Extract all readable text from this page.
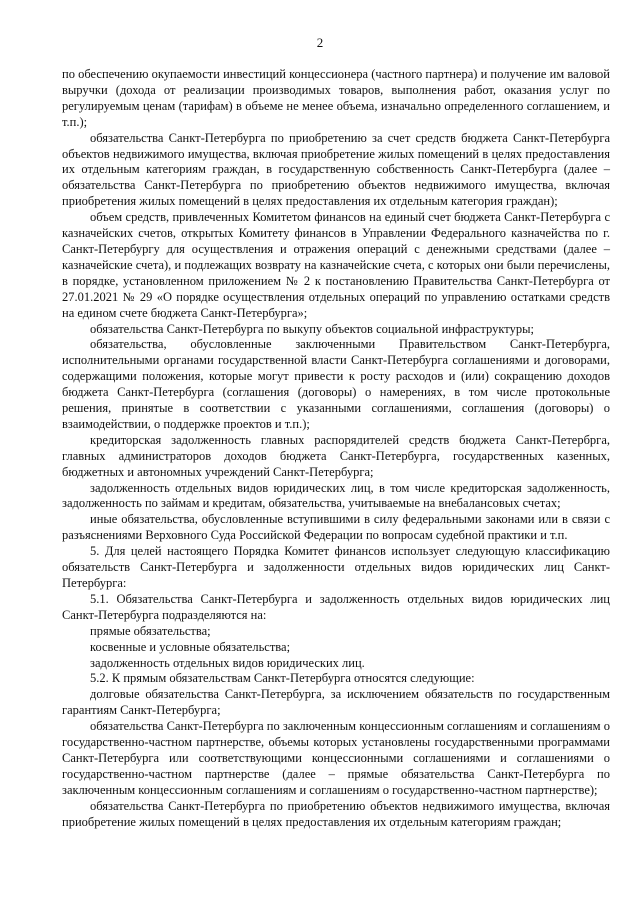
2

по обеспечению окупаемости инвестиций концессионера (частного партнера) и получение им валовой выручки (дохода от реализации производимых товаров, выполнения работ, оказания услуг по регулируемым ценам (тарифам) в объеме не менее объема, изначально определенного соглашением, и т.п.);

обязательства Санкт-Петербурга по приобретению за счет средств бюджета Санкт-Петербурга объектов недвижимого имущества, включая приобретение жилых помещений в целях предоставления их отдельным категориям граждан, в государственную собственность Санкт-Петербурга (далее – обязательства Санкт-Петербурга по приобретению объектов недвижимого имущества, включая приобретения жилых помещений в целях предоставления их отдельным категория граждан);

объем средств, привлеченных Комитетом финансов на единый счет бюджета Санкт-Петербурга с казначейских счетов, открытых Комитету финансов в Управлении Федерального казначейства по г. Санкт-Петербургу для осуществления и отражения операций с денежными средствами (далее – казначейские счета), и подлежащих возврату на казначейские счета, с которых они были перечислены, в порядке, установленном приложением № 2 к постановлению Правительства Санкт-Петербурга от 27.01.2021 № 29 «О порядке осуществления отдельных операций по управлению остатками средств на едином счете бюджета Санкт-Петербурга»;

обязательства Санкт-Петербурга по выкупу объектов социальной инфраструктуры;

обязательства, обусловленные заключенными Правительством Санкт-Петербурга, исполнительными органами государственной власти Санкт-Петербурга соглашениями и договорами, содержащими положения, которые могут привести к росту расходов и (или) сокращению доходов бюджета Санкт-Петербурга (соглашения (договоры) о намерениях, в том числе протокольные решения, принятые в соответствии с указанными соглашениями, соглашения (договоры) о взаимодействии, о поддержке проектов и т.п.);

кредиторская задолженность главных распорядителей средств бюджета Санкт-Петербрга, главных администраторов доходов бюджета Санкт-Петербурга, государственных казенных, бюджетных и автономных учреждений Санкт-Петербурга;

задолженность отдельных видов юридических лиц, в том числе кредиторская задолженность, задолженность по займам и кредитам, обязательства, учитываемые на внебалансовых счетах;

иные обязательства, обусловленные вступившими в силу федеральными законами или в связи с разъяснениями Верховного Суда Российской Федерации по вопросам судебной практики и т.п.

5. Для целей настоящего Порядка Комитет финансов использует следующую классификацию обязательств Санкт-Петербурга и задолженности отдельных видов юридических лиц Санкт-Петербурга:

5.1. Обязательства Санкт-Петербурга и задолженность отдельных видов юридических лиц Санкт-Петербурга подразделяются на:

прямые обязательства;

косвенные и условные обязательства;

задолженность отдельных видов юридических лиц.

5.2. К прямым обязательствам Санкт-Петербурга относятся следующие:

долговые обязательства Санкт-Петербурга, за исключением обязательств по государственным гарантиям Санкт-Петербурга;

обязательства Санкт-Петербурга по заключенным концессионным соглашениям и соглашениям о государственно-частном партнерстве, объемы которых установлены государственными программами Санкт-Петербурга или соответствующими концессионными соглашениями и соглашениями о государственно-частном партнерстве (далее – прямые обязательства Санкт-Петербурга по заключенным концессионным соглашениям и соглашениям о государственно-частном партнерстве);

обязательства Санкт-Петербурга по приобретению объектов недвижимого имущества, включая приобретение жилых помещений в целях предоставления их отдельным категориям граждан;
